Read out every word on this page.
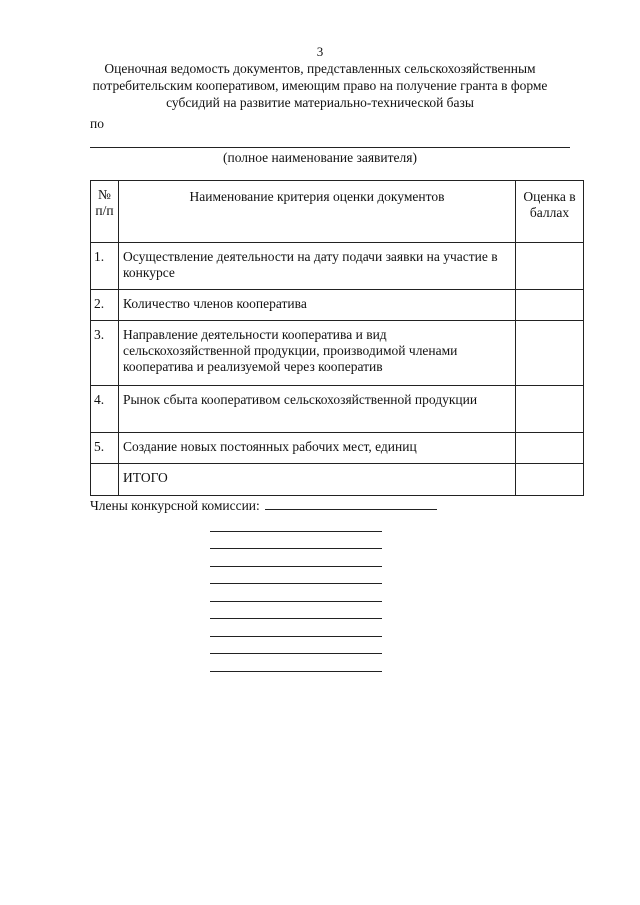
3
Оценочная ведомость документов, представленных сельскохозяйственным потребительским кооперативом, имеющим право на получение гранта в форме субсидий на развитие материально-технической базы
по
(полное наименование заявителя)
№ п/п	Наименование критерия оценки документов	Оценка в баллах
1.	Осуществление деятельности на дату подачи заявки на участие в конкурсе	
2.	Количество членов кооператива	
3.	Направление деятельности кооператива и вид сельскохозяйственной продукции, производимой членами кооператива и реализуемой через кооператив	
4.	Рынок сбыта кооперативом сельскохозяйственной продукции	
5.	Создание новых постоянных рабочих мест, единиц	
	ИТОГО	
Члены конкурсной комиссии:
